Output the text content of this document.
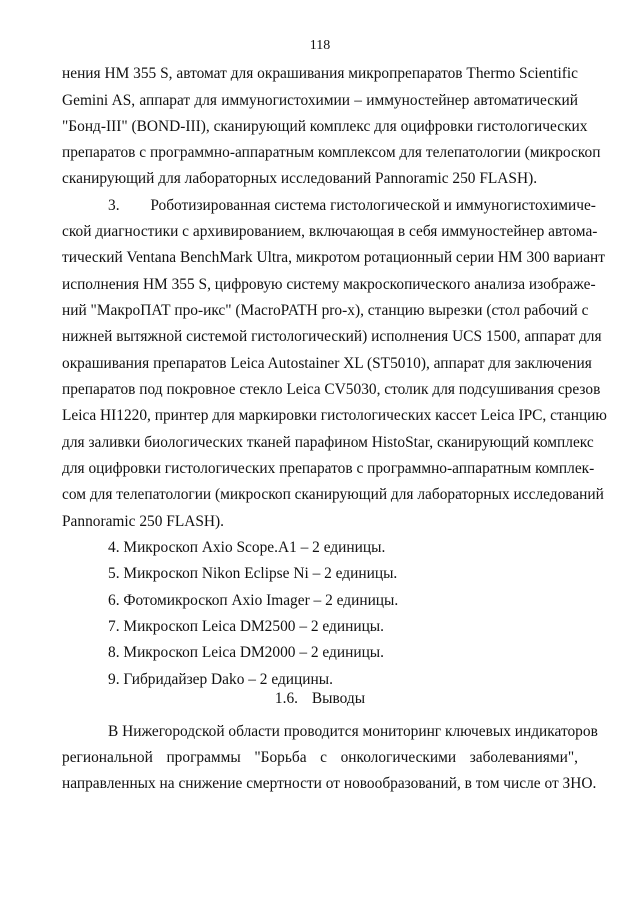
118
нения HM 355 S, автомат для окрашивания микропрепаратов Thermo Scientific
Gemini AS, аппарат для иммуногистохимии – иммуностейнер автоматический
"Бонд-III" (BOND-III), сканирующий комплекс для оцифровки гистологических
препаратов с программно-аппаратным комплексом для телепатологии (микроскоп
сканирующий для лабораторных исследований Pannoramic 250 FLASH).
3.  Роботизированная система гистологической и иммуногистохимиче-
ской диагностики с архивированием, включающая в себя иммуностейнер автома-
тический Ventana BenchMark Ultra, микротом ротационный серии HM 300 вариант
исполнения HM 355 S, цифровую систему макроскопического анализа изображе-
ний "МакроПАТ про-икс" (MacroPATH pro-x), станцию вырезки (стол рабочий с
нижней вытяжной системой гистологический) исполнения UCS 1500, аппарат для
окрашивания препаратов Leica Autostainer XL (ST5010), аппарат для заключения
препаратов под покровное стекло Leica CV5030, столик для подсушивания срезов
Leica HI1220, принтер для маркировки гистологических кассет Leica IPC, станцию
для заливки биологических тканей парафином HistoStar, сканирующий комплекс
для оцифровки гистологических препаратов с программно-аппаратным комплек-
сом для телепатологии (микроскоп сканирующий для лабораторных исследований
Pannoramic 250 FLASH).
4. Микроскоп Axio Scope.A1 – 2 единицы.
5. Микроскоп Nikon Eclipse Ni – 2 единицы.
6. Фотомикроскоп Axio Imager – 2 единицы.
7. Микроскоп Leica DM2500 – 2 единицы.
8. Микроскоп Leica DM2000 – 2 единицы.
9. Гибридайзер Dako – 2 едицины.
1.6. Выводы
В Нижегородской области проводится мониторинг ключевых индикаторов
региональной программы "Борьба с онкологическими заболеваниями",
направленных на снижение смертности от новообразований, в том числе от ЗНО.
